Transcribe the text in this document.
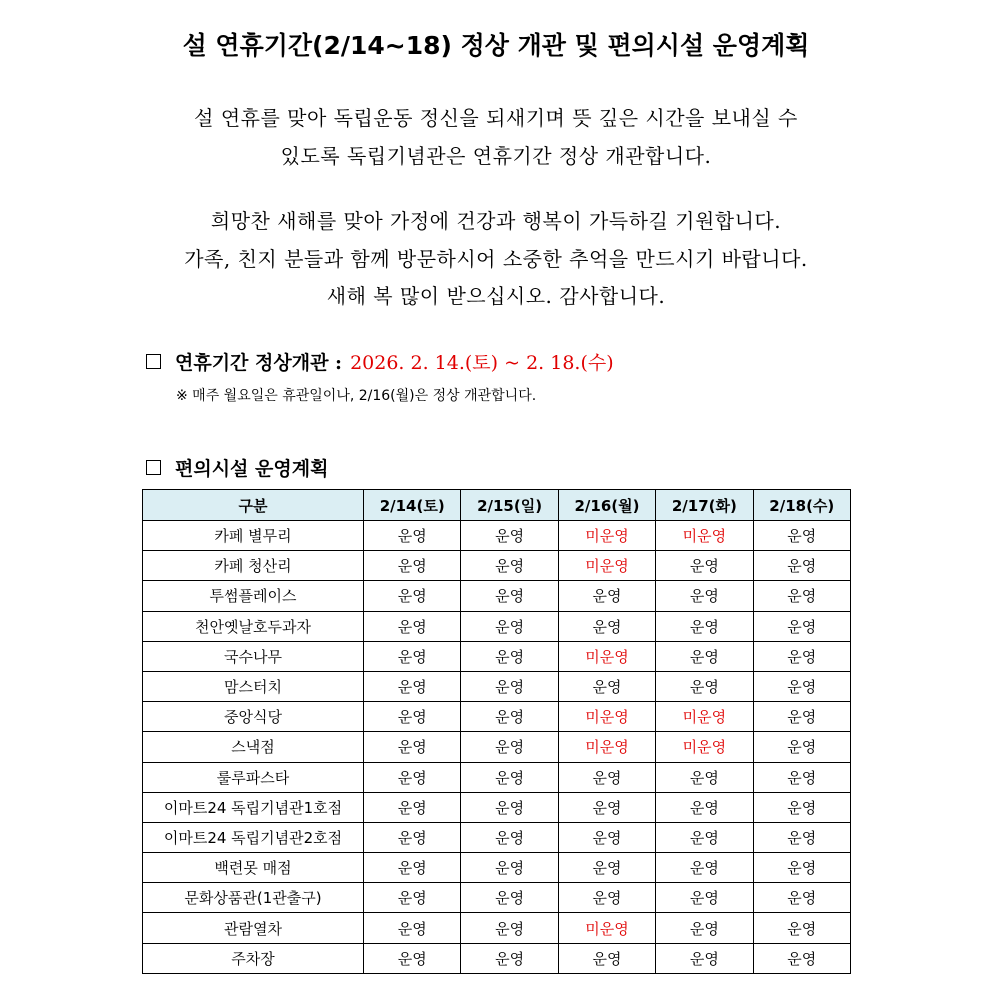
설 연휴기간(2/14~18) 정상 개관 및 편의시설 운영계획
설 연휴를 맞아 독립운동 정신을 되새기며 뜻 깊은 시간을 보내실 수
있도록 독립기념관은 연휴기간 정상 개관합니다.
희망찬 새해를 맞아 가정에 건강과 행복이 가득하길 기원합니다.
가족, 친지 분들과 함께 방문하시어 소중한 추억을 만드시기 바랍니다.
새해 복 많이 받으십시오. 감사합니다.
연휴기간 정상개관 : 2026. 2. 14.(토) ~ 2. 18.(수)
※ 매주 월요일은 휴관일이나, 2/16(월)은 정상 개관합니다.
편의시설 운영계획
구분	2/14(토)	2/15(일)	2/16(월)	2/17(화)	2/18(수)
카페 별무리	운영	운영	미운영	미운영	운영
카페 청산리	운영	운영	미운영	운영	운영
투썸플레이스	운영	운영	운영	운영	운영
천안옛날호두과자	운영	운영	운영	운영	운영
국수나무	운영	운영	미운영	운영	운영
맘스터치	운영	운영	운영	운영	운영
중앙식당	운영	운영	미운영	미운영	운영
스낵점	운영	운영	미운영	미운영	운영
룰루파스타	운영	운영	운영	운영	운영
이마트24 독립기념관1호점	운영	운영	운영	운영	운영
이마트24 독립기념관2호점	운영	운영	운영	운영	운영
백련못 매점	운영	운영	운영	운영	운영
문화상품관(1관출구)	운영	운영	운영	운영	운영
관람열차	운영	운영	미운영	운영	운영
주차장	운영	운영	운영	운영	운영
